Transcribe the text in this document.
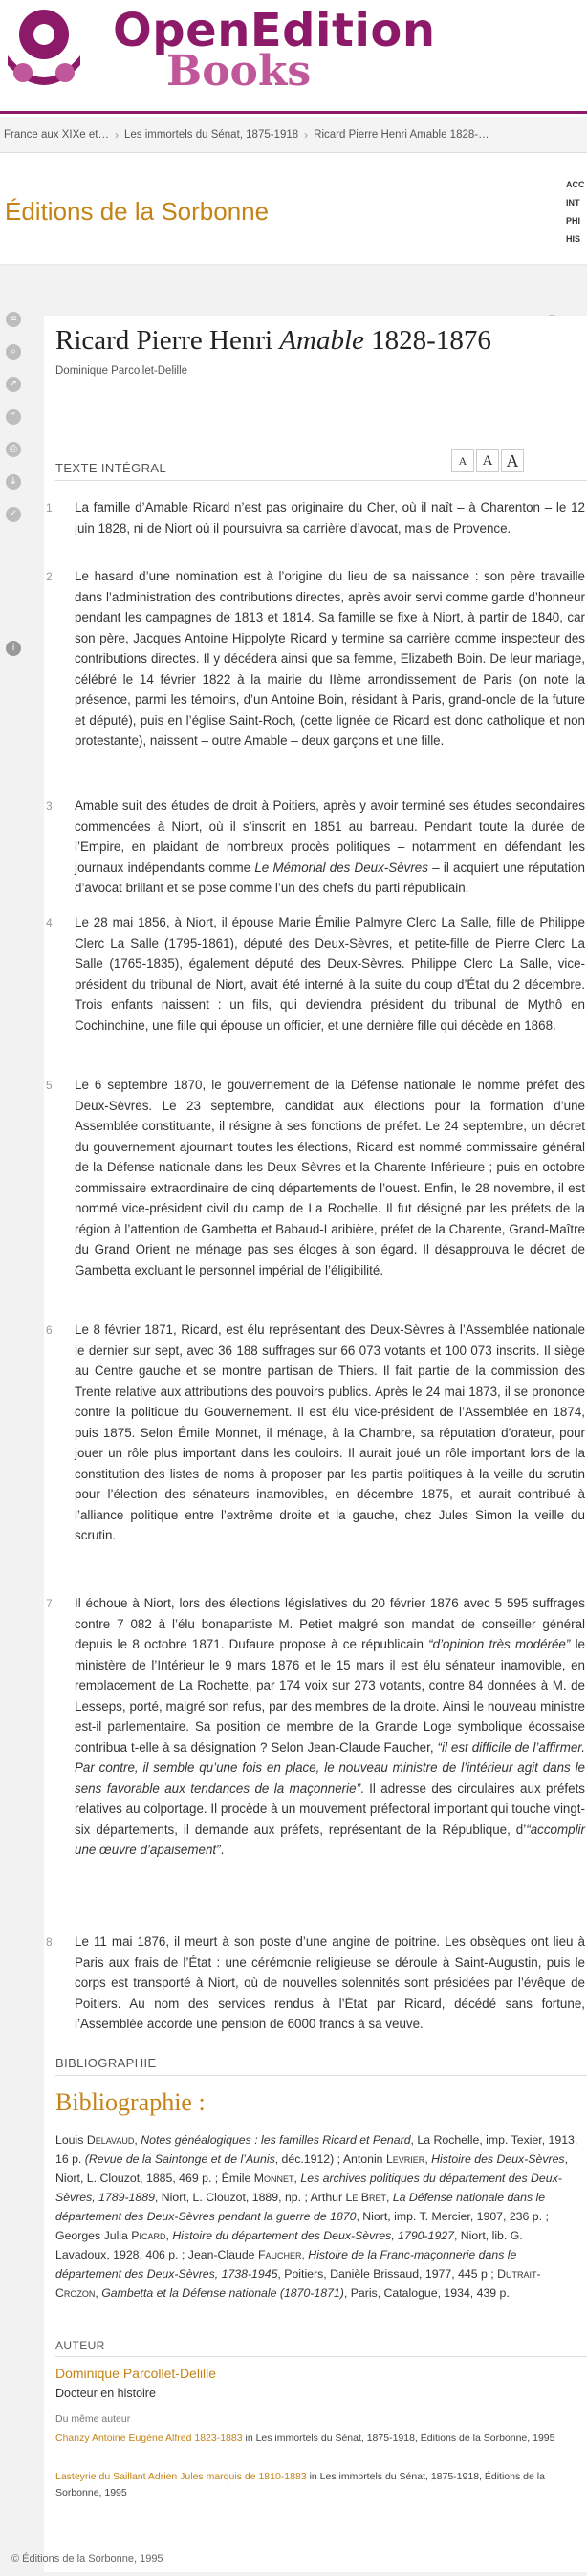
OpenEdition
Books
France aux XIXe et… › Les immortels du Sénat, 1875-1918 › Ricard Pierre Henri Amable 1828-…
Éditions de la Sorbonne
ACC
INT
PHI
HIS
≡
⌕
↗
“
⎙
↓
✓
i
Ricard Pierre Henri Amable 1828-1876
Dominique Parcollet-Delille
TEXTE INTÉGRAL	A	A A
1 La famille d’Amable Ricard n’est pas originaire du Cher, où il naît – à Charenton – le 12 juin 1828, ni de Niort où il poursuivra sa carrière d’avocat, mais de Provence.
2 Le hasard d’une nomination est à l’origine du lieu de sa naissance : son père travaille dans l’administration des contributions directes, après avoir servi comme garde d’honneur pendant les campagnes de 1813 et 1814. Sa famille se fixe à Niort, à partir de 1840, car son père, Jacques Antoine Hippolyte Ricard y termine sa carrière comme inspecteur des contributions directes. Il y décédera ainsi que sa femme, Elizabeth Boin. De leur mariage, célébré le 14 février 1822 à la mairie du IIème arrondissement de Paris (on note la présence, parmi les témoins, d’un Antoine Boin, résidant à Paris, grand-oncle de la future et député), puis en l’église Saint-Roch, (cette lignée de Ricard est donc catholique et non protestante), naissent – outre Amable – deux garçons et une fille.
3 Amable suit des études de droit à Poitiers, après y avoir terminé ses études secondaires commencées à Niort, où il s’inscrit en 1851 au barreau. Pendant toute la durée de l’Empire, en plaidant de nombreux procès politiques – notamment en défendant les journaux indépendants comme Le Mémorial des Deux-Sèvres – il acquiert une réputation d’avocat brillant et se pose comme l’un des chefs du parti républicain.
4 Le 28 mai 1856, à Niort, il épouse Marie Émilie Palmyre Clerc La Salle, fille de Philippe Clerc La Salle (1795-1861), député des Deux-Sèvres, et petite-fille de Pierre Clerc La Salle (1765-1835), également député des Deux-Sèvres. Philippe Clerc La Salle, vice-président du tribunal de Niort, avait été interné à la suite du coup d’État du 2 décembre. Trois enfants naissent : un fils, qui deviendra président du tribunal de Mythô en Cochinchine, une fille qui épouse un officier, et une dernière fille qui décède en 1868.
5 Le 6 septembre 1870, le gouvernement de la Défense nationale le nomme préfet des Deux-Sèvres. Le 23 septembre, candidat aux élections pour la formation d’une Assemblée constituante, il résigne à ses fonctions de préfet. Le 24 septembre, un décret du gouvernement ajournant toutes les élections, Ricard est nommé commissaire général de la Défense nationale dans les Deux-Sèvres et la Charente-Inférieure ; puis en octobre commissaire extraordinaire de cinq départements de l’ouest. Enfin, le 28 novembre, il est nommé vice-président civil du camp de La Rochelle. Il fut désigné par les préfets de la région à l’attention de Gambetta et Babaud-Laribière, préfet de la Charente, Grand-Maître du Grand Orient ne ménage pas ses éloges à son égard. Il désapprouva le décret de Gambetta excluant le personnel impérial de l’éligibilité.
6 Le 8 février 1871, Ricard, est élu représentant des Deux-Sèvres à l’Assemblée nationale le dernier sur sept, avec 36 188 suffrages sur 66 073 votants et 100 073 inscrits. Il siège au Centre gauche et se montre partisan de Thiers. Il fait partie de la commission des Trente relative aux attributions des pouvoirs publics. Après le 24 mai 1873, il se prononce contre la politique du Gouvernement. Il est élu vice-président de l’Assemblée en 1874, puis 1875. Selon Émile Monnet, il ménage, à la Chambre, sa réputation d’orateur, pour jouer un rôle plus important dans les couloirs. Il aurait joué un rôle important lors de la constitution des listes de noms à proposer par les partis politiques à la veille du scrutin pour l’élection des sénateurs inamovibles, en décembre 1875, et aurait contribué à l’alliance politique entre l’extrême droite et la gauche, chez Jules Simon la veille du scrutin.
7 Il échoue à Niort, lors des élections législatives du 20 février 1876 avec 5 595 suffrages contre 7 082 à l’élu bonapartiste M. Petiet malgré son mandat de conseiller général depuis le 8 octobre 1871. Dufaure propose à ce républicain “d’opinion très modérée” le ministère de l’Intérieur le 9 mars 1876 et le 15 mars il est élu sénateur inamovible, en remplacement de La Rochette, par 174 voix sur 273 votants, contre 84 données à M. de Lesseps, porté, malgré son refus, par des membres de la droite. Ainsi le nouveau ministre est-il parlementaire. Sa position de membre de la Grande Loge symbolique écossaise contribua t-elle à sa désignation ? Selon Jean-Claude Faucher, “il est difficile de l’affirmer. Par contre, il semble qu’une fois en place, le nouveau ministre de l’intérieur agit dans le sens favorable aux tendances de la maçonnerie”. Il adresse des circulaires aux préfets relatives au colportage. Il procède à un mouvement préfectoral important qui touche vingt-six départements, il demande aux préfets, représentant de la République, d’“accomplir une œuvre d’apaisement”.
8 Le 11 mai 1876, il meurt à son poste d’une angine de poitrine. Les obsèques ont lieu à Paris aux frais de l’État : une cérémonie religieuse se déroule à Saint-Augustin, puis le corps est transporté à Niort, où de nouvelles solennités sont présidées par l’évêque de Poitiers. Au nom des services rendus à l’État par Ricard, décédé sans fortune, l’Assemblée accorde une pension de 6000 francs à sa veuve.
BIBLIOGRAPHIE
Bibliographie :
Louis Delavaud, Notes généalogiques : les familles Ricard et Penard, La Rochelle, imp. Texier, 1913, 16 p. (Revue de la Saintonge et de l’Aunis, déc.1912) ; Antonin Levrier, Histoire des Deux-Sèvres, Niort, L. Clouzot, 1885, 469 p. ; Émile Monnet, Les archives politiques du département des Deux-Sèvres, 1789-1889, Niort, L. Clouzot, 1889, np. ; Arthur Le Bret, La Défense nationale dans le département des Deux-Sèvres pendant la guerre de 1870, Niort, imp. T. Mercier, 1907, 236 p. ; Georges Julia Picard, Histoire du département des Deux-Sèvres, 1790-1927, Niort, lib. G. Lavadoux, 1928, 406 p. ; Jean-Claude Faucher, Histoire de la Franc-maçonnerie dans le département des Deux-Sèvres, 1738-1945, Poitiers, Danièle Brissaud, 1977, 445 p ; Dutrait-Crozon, Gambetta et la Défense nationale (1870-1871), Paris, Catalogue, 1934, 439 p.
AUTEUR
Dominique Parcollet-Delille
Docteur en histoire
Du même auteur
Chanzy Antoine Eugène Alfred 1823-1883 in Les immortels du Sénat, 1875-1918, Éditions de la Sorbonne, 1995
Lasteyrie du Saillant Adrien Jules marquis de 1810-1883 in Les immortels du Sénat, 1875-1918, Éditions de la Sorbonne, 1995
© Éditions de la Sorbonne, 1995
